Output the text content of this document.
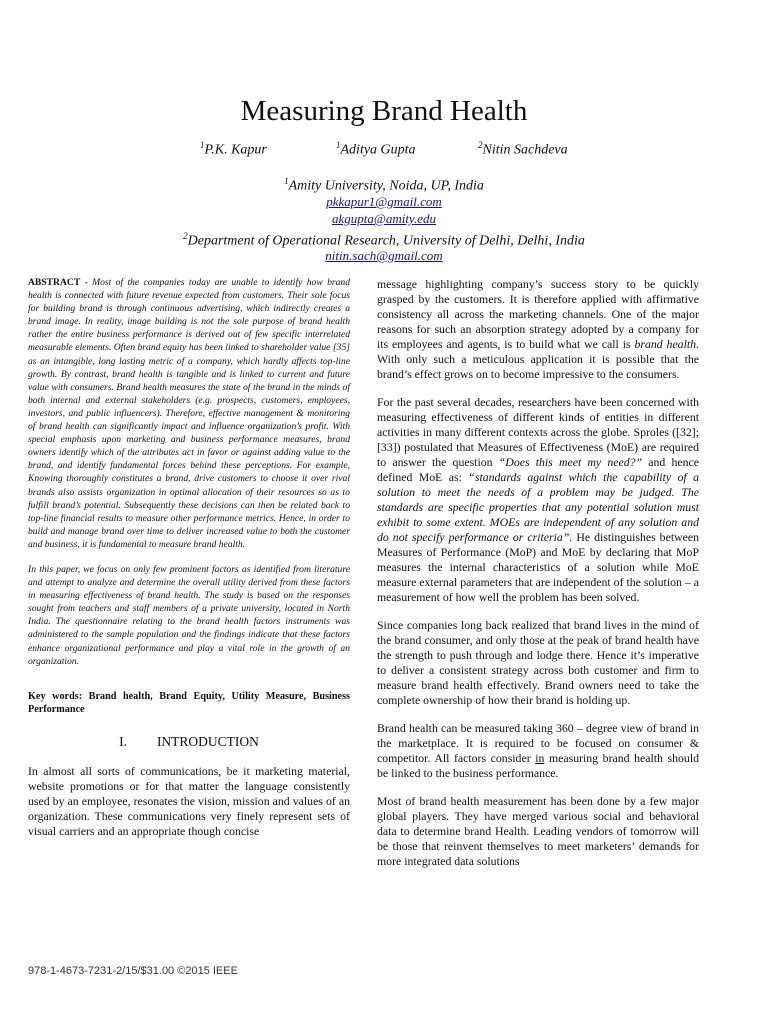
Measuring Brand Health
$^1$P.K. Kapur	$^1$Aditya Gupta	$^2$Nitin Sachdeva
$^1$Amity University, Noida, UP, India
pkkapur1@gmail.com
akgupta@amity.edu
$^2$Department of Operational Research, University of Delhi, Delhi, India
nitin.sach@gmail.com

ABSTRACT - Most of the companies today are unable to identify how brand health is connected with future revenue expected from customers. Their sole focus for building brand is through continuous advertising, which indirectly creates a brand image. In reality, image building is not the sole purpose of brand health rather the entire business performance is derived out of few specific interrelated measurable elements. Often brand equity has been linked to shareholder value [35] as an intangible, long lasting metric of a company, which hardly affects top-line growth. By contrast, brand health is tangible and is linked to current and future value with consumers. Brand health measures the state of the brand in the minds of both internal and external stakeholders (e.g. prospects, customers, employees, investors, and public influencers). Therefore, effective management & monitoring of brand health can significantly impact and influence organization’s profit. With special emphasis upon marketing and business performance measures, brand owners identify which of the attributes act in favor or against adding value to the brand, and identify fundamental forces behind these perceptions. For example, Knowing thoroughly constitutes a brand, drive customers to choose it over rival brands also assists organization in optimal allocation of their resources so as to fulfill brand’s potential. Subsequently these decisions can then be related back to top-line financial results to measure other performance metrics. Hence, in order to build and manage brand over time to deliver increased value to both the customer and business, it is fundamental to measure brand health.

In this paper, we focus on only few prominent factors as identified from literature and attempt to analyze and determine the overall utility derived from these factors in measuring effectiveness of brand health. The study is based on the responses sought from teachers and staff members of a private university, located in North India. The questionnaire relating to the brand health factors instruments was administered to the sample population and the findings indicate that these factors enhance organizational performance and play a vital role in the growth of an organization.

Key words: Brand health, Brand Equity, Utility Measure, Business Performance

I. INTRODUCTION

In almost all sorts of communications, be it marketing material, website promotions or for that matter the language consistently used by an employee, resonates the vision, mission and values of an organization. These communications very finely represent sets of visual carriers and an appropriate though concise

message highlighting company’s success story to be quickly grasped by the customers. It is therefore applied with affirmative consistency all across the marketing channels. One of the major reasons for such an absorption strategy adopted by a company for its employees and agents, is to build what we call is brand health. With only such a meticulous application it is possible that the brand’s effect grows on to become impressive to the consumers.

For the past several decades, researchers have been concerned with measuring effectiveness of different kinds of entities in different activities in many different contexts across the globe. Sproles ([32]; [33]) postulated that Measures of Effectiveness (MoE) are required to answer the question “Does this meet my need?” and hence defined MoE as: “standards against which the capability of a solution to meet the needs of a problem may be judged. The standards are specific properties that any potential solution must exhibit to some extent. MOEs are independent of any solution and do not specify performance or criteria”. He distinguishes between Measures of Performance (MoP) and MoE by declaring that MoP measures the internal characteristics of a solution while MoE measure external parameters that are independent of the solution – a measurement of how well the problem has been solved.

Since companies long back realized that brand lives in the mind of the brand consumer, and only those at the peak of brand health have the strength to push through and lodge there. Hence it’s imperative to deliver a consistent strategy across both customer and firm to measure brand health effectively. Brand owners need to take the complete ownership of how their brand is holding up.

Brand health can be measured taking 360 – degree view of brand in the marketplace. It is required to be focused on consumer & competitor. All factors consider in measuring brand health should be linked to the business performance.

Most of brand health measurement has been done by a few major global players. They have merged various social and behavioral data to determine brand Health. Leading vendors of tomorrow will be those that reinvent themselves to meet marketers’ demands for more integrated data solutions

978-1-4673-7231-2/15/$31.00 ©2015 IEEE
